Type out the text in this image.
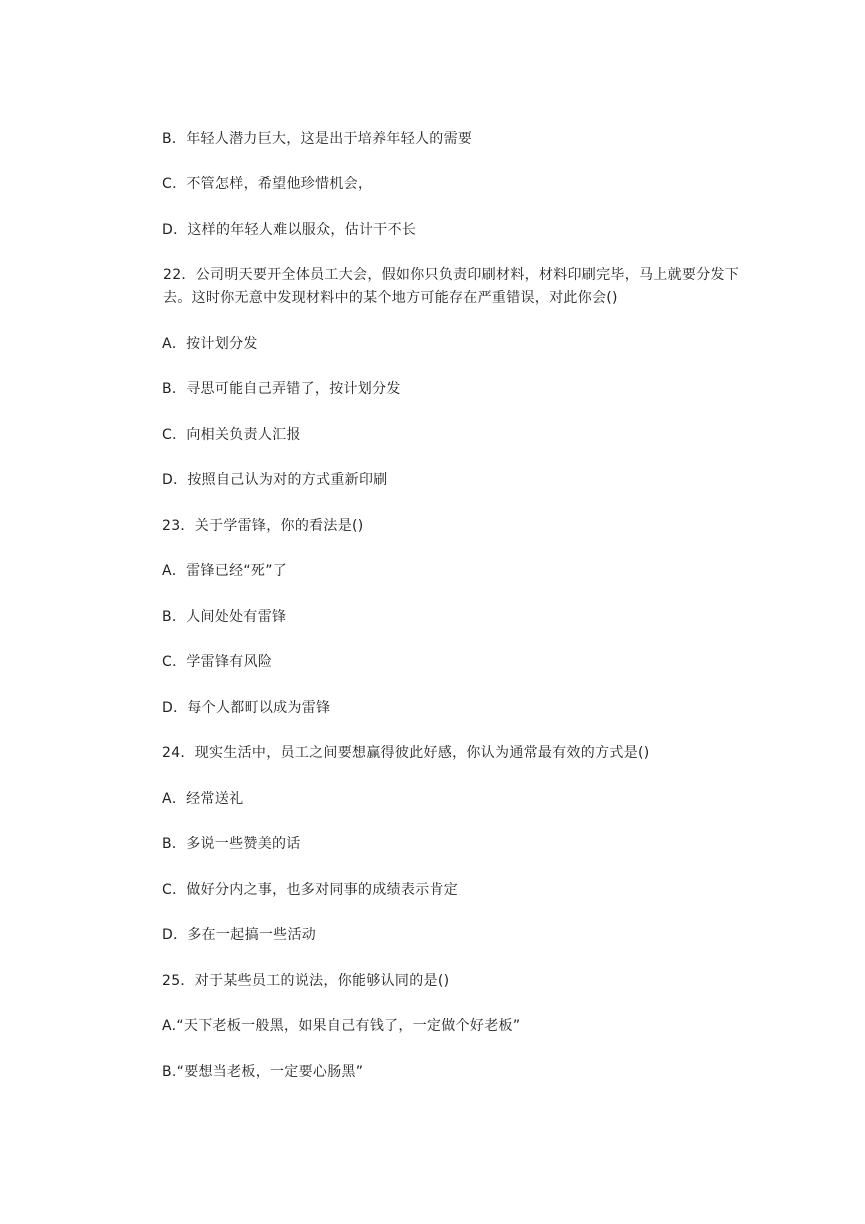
B．年轻人潜力巨大，这是出于培养年轻人的需要
C．不管怎样，希望他珍惜机会，
D．这样的年轻人难以服众，估计干不长
22．公司明天要开全体员工大会，假如你只负责印刷材料，材料印刷完毕，马上就要分发下去。这时你无意中发现材料中的某个地方可能存在严重错误，对此你会()
A．按计划分发
B．寻思可能自己弄错了，按计划分发
C．向相关负责人汇报
D．按照自己认为对的方式重新印刷
23．关于学雷锋，你的看法是()
A．雷锋已经“死”了
B．人间处处有雷锋
C．学雷锋有风险
D．每个人都町以成为雷锋
24．现实生活中，员工之间要想赢得彼此好感，你认为通常最有效的方式是()
A．经常送礼
B．多说一些赞美的话
C．做好分内之事，也多对同事的成绩表示肯定
D．多在一起搞一些活动
25．对于某些员工的说法，你能够认同的是()
A.“天下老板一般黑，如果自己有钱了，一定做个好老板”
B.“要想当老板，一定要心肠黑”
